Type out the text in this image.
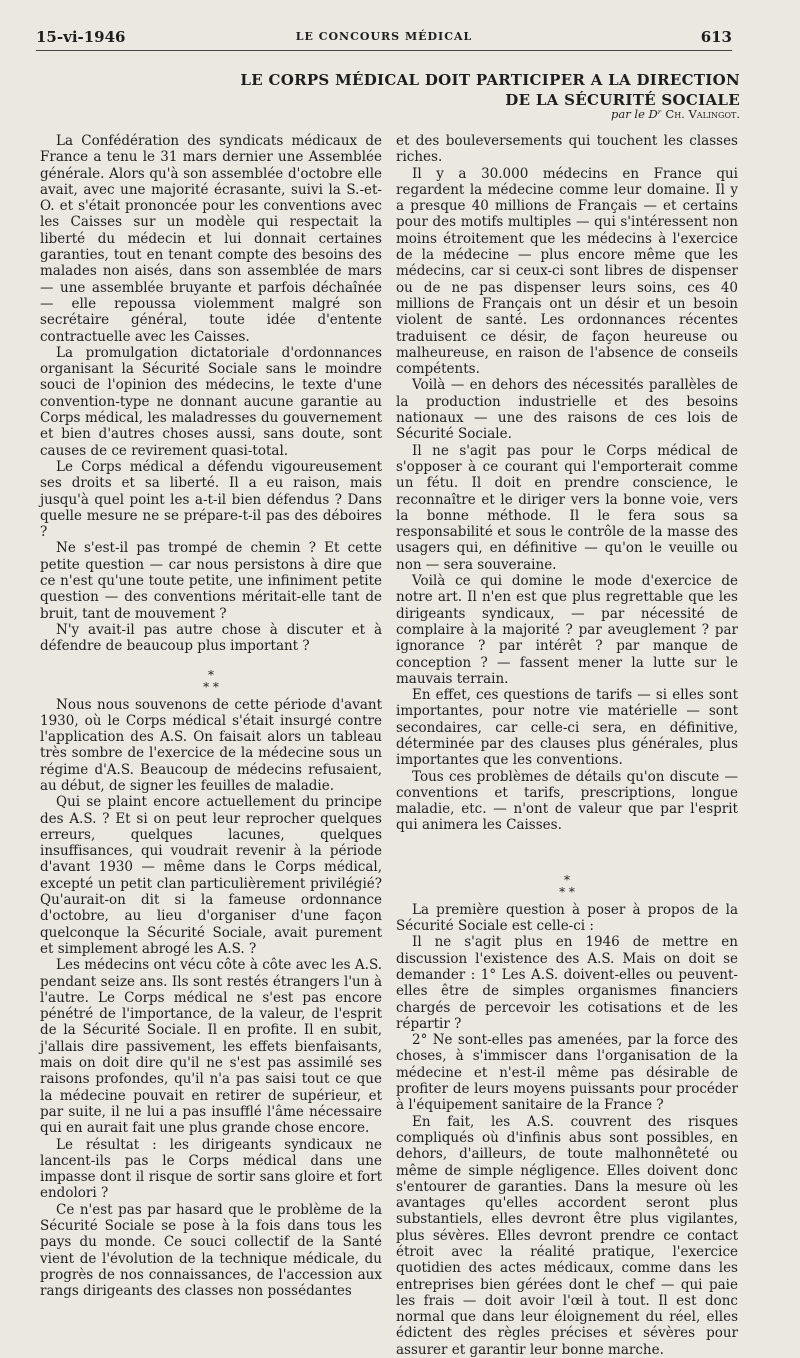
15-vi-1946	LE CONCOURS MÉDICAL	613
LE CORPS MÉDICAL DOIT PARTICIPER A LA DIRECTION
DE LA SÉCURITÉ SOCIALE
par le Dʳ Ch. Valingot.

La Confédération des syndicats médicaux de France a tenu le 31 mars dernier une Assemblée générale. Alors qu'à son assemblée d'octobre elle avait, avec une majorité écrasante, suivi la S.-et-O. et s'était prononcée pour les conventions avec les Caisses sur un modèle qui respectait la liberté du médecin et lui donnait certaines garanties, tout en tenant compte des besoins des malades non aisés, dans son assemblée de mars — une assemblée bruyante et parfois déchaînée — elle repoussa violemment malgré son secrétaire général, toute idée d'entente contractuelle avec les Caisses.

La promulgation dictatoriale d'ordonnances organisant la Sécurité Sociale sans le moindre souci de l'opinion des médecins, le texte d'une convention-type ne donnant aucune garantie au Corps médical, les maladresses du gouvernement et bien d'autres choses aussi, sans doute, sont causes de ce revirement quasi-total.

Le Corps médical a défendu vigoureusement ses droits et sa liberté. Il a eu raison, mais jusqu'à quel point les a-t-il bien défendus ? Dans quelle mesure ne se prépare-t-il pas des déboires ?

Ne s'est-il pas trompé de chemin ? Et cette petite question — car nous persistons à dire que ce n'est qu'une toute petite, une infiniment petite question — des conventions méritait-elle tant de bruit, tant de mouvement ?

N'y avait-il pas autre chose à discuter et à défendre de beaucoup plus important ?

*
* *

Nous nous souvenons de cette période d'avant 1930, où le Corps médical s'était insurgé contre l'application des A.S. On faisait alors un tableau très sombre de l'exercice de la médecine sous un régime d'A.S. Beaucoup de médecins refusaient, au début, de signer les feuilles de maladie.

Qui se plaint encore actuellement du principe des A.S. ? Et si on peut leur reprocher quelques erreurs, quelques lacunes, quelques insuffisances, qui voudrait revenir à la période d'avant 1930 — même dans le Corps médical, excepté un petit clan particulièrement privilégié? Qu'aurait-on dit si la fameuse ordonnance d'octobre, au lieu d'organiser d'une façon quelconque la Sécurité Sociale, avait purement et simplement abrogé les A.S. ?

Les médecins ont vécu côte à côte avec les A.S. pendant seize ans. Ils sont restés étrangers l'un à l'autre. Le Corps médical ne s'est pas encore pénétré de l'importance, de la valeur, de l'esprit de la Sécurité Sociale. Il en profite. Il en subit, j'allais dire passivement, les effets bienfaisants, mais on doit dire qu'il ne s'est pas assimilé ses raisons profondes, qu'il n'a pas saisi tout ce que la médecine pouvait en retirer de supérieur, et par suite, il ne lui a pas insufflé l'âme nécessaire qui en aurait fait une plus grande chose encore.

Le résultat : les dirigeants syndicaux ne lancent-ils pas le Corps médical dans une impasse dont il risque de sortir sans gloire et fort endolori ?

Ce n'est pas par hasard que le problème de la Sécurité Sociale se pose à la fois dans tous les pays du monde. Ce souci collectif de la Santé vient de l'évolution de la technique médicale, du progrès de nos connaissances, de l'accession aux rangs dirigeants des classes non possédantes

et des bouleversements qui touchent les classes riches.

Il y a 30.000 médecins en France qui regardent la médecine comme leur domaine. Il y a presque 40 millions de Français — et certains pour des motifs multiples — qui s'intéressent non moins étroitement que les médecins à l'exercice de la médecine — plus encore même que les médecins, car si ceux-ci sont libres de dispenser ou de ne pas dispenser leurs soins, ces 40 millions de Français ont un désir et un besoin violent de santé. Les ordonnances récentes traduisent ce désir, de façon heureuse ou malheureuse, en raison de l'absence de conseils compétents.

Voilà — en dehors des nécessités parallèles de la production industrielle et des besoins nationaux — une des raisons de ces lois de Sécurité Sociale.

Il ne s'agit pas pour le Corps médical de s'opposer à ce courant qui l'emporterait comme un fétu. Il doit en prendre conscience, le reconnaître et le diriger vers la bonne voie, vers la bonne méthode. Il le fera sous sa responsabilité et sous le contrôle de la masse des usagers qui, en définitive — qu'on le veuille ou non — sera souveraine.

Voilà ce qui domine le mode d'exercice de notre art. Il n'en est que plus regrettable que les dirigeants syndicaux, — par nécessité de complaire à la majorité ? par aveuglement ? par ignorance ? par intérêt ? par manque de conception ? — fassent mener la lutte sur le mauvais terrain.

En effet, ces questions de tarifs — si elles sont importantes, pour notre vie matérielle — sont secondaires, car celle-ci sera, en définitive, déterminée par des clauses plus générales, plus importantes que les conventions.

Tous ces problèmes de détails qu'on discute — conventions et tarifs, prescriptions, longue maladie, etc. — n'ont de valeur que par l'esprit qui animera les Caisses.

*
* *

La première question à poser à propos de la Sécurité Sociale est celle-ci :

Il ne s'agit plus en 1946 de mettre en discussion l'existence des A.S. Mais on doit se demander : 1° Les A.S. doivent-elles ou peuvent-elles être de simples organismes financiers chargés de percevoir les cotisations et de les répartir ?

2° Ne sont-elles pas amenées, par la force des choses, à s'immiscer dans l'organisation de la médecine et n'est-il même pas désirable de profiter de leurs moyens puissants pour procéder à l'équipement sanitaire de la France ?

En fait, les A.S. couvrent des risques compliqués où d'infinis abus sont possibles, en dehors, d'ailleurs, de toute malhonnêteté ou même de simple négligence. Elles doivent donc s'entourer de garanties. Dans la mesure où les avantages qu'elles accordent seront plus substantiels, elles devront être plus vigilantes, plus sévères. Elles devront prendre ce contact étroit avec la réalité pratique, l'exercice quotidien des actes médicaux, comme dans les entreprises bien gérées dont le chef — qui paie les frais — doit avoir l'œil à tout. Il est donc normal que dans leur éloignement du réel, elles édictent des règles précises et sévères pour assurer et garantir leur bonne marche.
